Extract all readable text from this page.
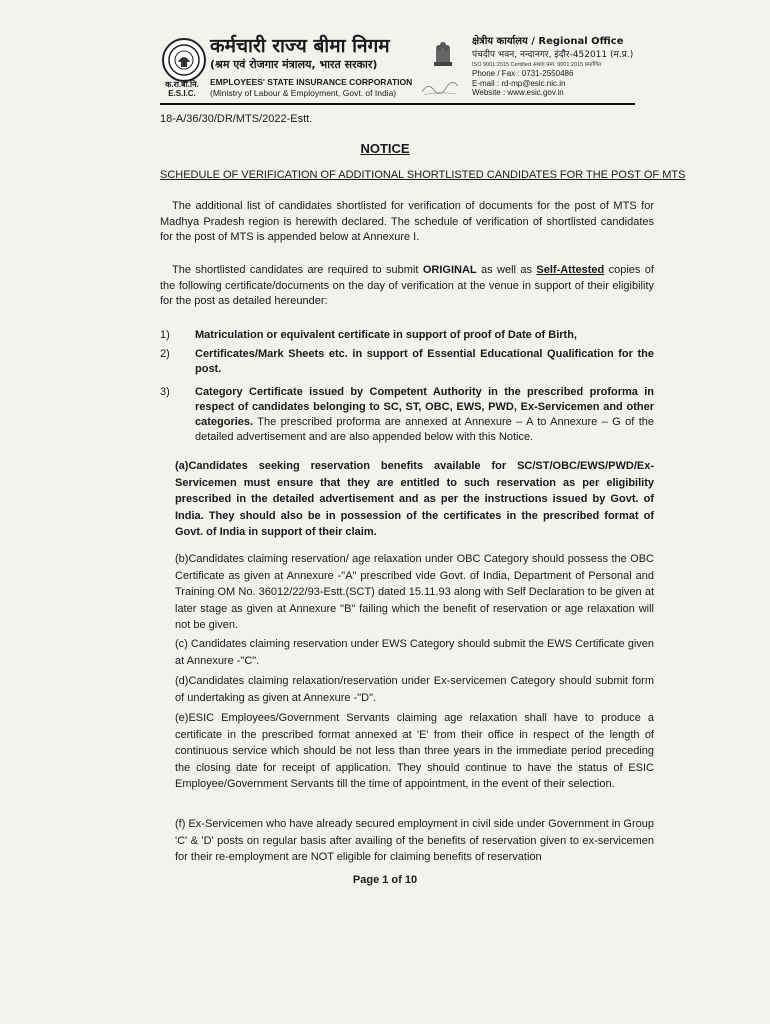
क.रा.बी.नि.
E.S.I.C.
कर्मचारी राज्य बीमा निगम
(श्रम एवं रोजगार मंत्रालय, भारत सरकार)
EMPLOYEES' STATE INSURANCE CORPORATION
(Ministry of Labour & Employment, Govt. of India)
क्षेत्रीय कार्यालय / Regional Office
पंचदीप भवन, नन्दानगर, इंदौर-452011 (म.प्र.)
ISO 9001:2015 Certified अथवा प्रमा. 9001:2015 प्रमाणित
Phone / Fax : 0731-2550486
E-mail : rd-mp@esic.nic.in
Website : www.esic.gov.in
18-A/36/30/DR/MTS/2022-Estt.
NOTICE
SCHEDULE OF VERIFICATION OF ADDITIONAL SHORTLISTED CANDIDATES FOR THE POST OF MTS
The additional list of candidates shortlisted for verification of documents for the post of MTS for Madhya Pradesh region is herewith declared. The schedule of verification of shortlisted candidates for the post of MTS is appended below at Annexure I.
The shortlisted candidates are required to submit ORIGINAL as well as Self-Attested copies of the following certificate/documents on the day of verification at the venue in support of their eligibility for the post as detailed hereunder:
1) Matriculation or equivalent certificate in support of proof of Date of Birth,
2) Certificates/Mark Sheets etc. in support of Essential Educational Qualification for the post.
3) Category Certificate issued by Competent Authority in the prescribed proforma in respect of candidates belonging to SC, ST, OBC, EWS, PWD, Ex-Servicemen and other categories. The prescribed proforma are annexed at Annexure – A to Annexure – G of the detailed advertisement and are also appended below with this Notice.
(a)Candidates seeking reservation benefits available for SC/ST/OBC/EWS/PWD/Ex-Servicemen must ensure that they are entitled to such reservation as per eligibility prescribed in the detailed advertisement and as per the instructions issued by Govt. of India. They should also be in possession of the certificates in the prescribed format of Govt. of India in support of their claim.
(b)Candidates claiming reservation/ age relaxation under OBC Category should possess the OBC Certificate as given at Annexure -"A" prescribed vide Govt. of India, Department of Personal and Training OM No. 36012/22/93-Estt.(SCT) dated 15.11.93 along with Self Declaration to be given at later stage as given at Annexure "B" failing which the benefit of reservation or age relaxation will not be given.
(c) Candidates claiming reservation under EWS Category should submit the EWS Certificate given at Annexure -"C".
(d)Candidates claiming relaxation/reservation under Ex-servicemen Category should submit form of undertaking as given at Annexure -"D".
(e)ESIC Employees/Government Servants claiming age relaxation shall have to produce a certificate in the prescribed format annexed at 'E' from their office in respect of the length of continuous service which should be not less than three years in the immediate period preceding the closing date for receipt of application. They should continue to have the status of ESIC Employee/Government Servants till the time of appointment, in the event of their selection.
(f) Ex-Servicemen who have already secured employment in civil side under Government in Group 'C' & 'D' posts on regular basis after availing of the benefits of reservation given to ex-servicemen for their re-employment are NOT eligible for claiming benefits of reservation
Page 1 of 10
